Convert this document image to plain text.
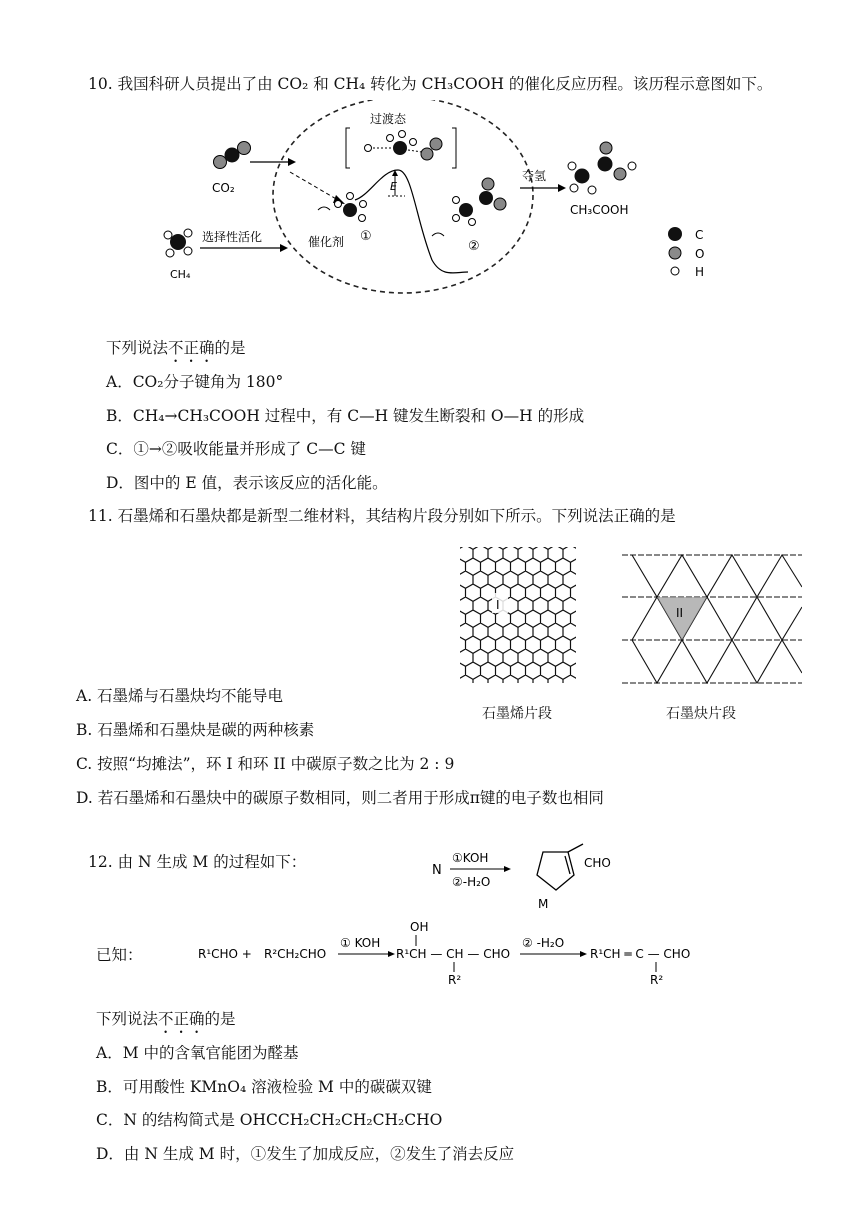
10. 我国科研人员提出了由 CO₂ 和 CH₄ 转化为 CH₃COOH 的催化反应历程。该历程示意图如下。
CO₂
CH₄
选择性活化	催化剂 ①
E
过渡态
②
夺氢
CH₃COOH
C
O
H
下列说法不正确的是
A．CO₂分子键角为 180°
B．CH₄→CH₃COOH 过程中，有 C—H 键发生断裂和 O—H 的形成
C．①→②吸收能量并形成了 C—C 键
D．图中的 E 值，表示该反应的活化能。
11. 石墨烯和石墨炔都是新型二维材料，其结构片段分别如下所示。下列说法正确的是
I
石墨烯片段
II
石墨炔片段
A. 石墨烯与石墨炔均不能导电
B. 石墨烯和石墨炔是碳的两种核素
C. 按照“均摊法”，环 I 和环 II 中碳原子数之比为 2 : 9
D. 若石墨烯和石墨炔中的碳原子数相同，则二者用于形成π键的电子数也相同
12. 由 N 生成 M 的过程如下：	N
①KOH
②-H₂O
CHO
M
已知：	R¹CHO + R²CH₂CHO
① KOH
OH
R¹CH — CH — CHO
R²
② -H₂O
R¹CH ═ C — CHO
R²
下列说法不正确的是
A．M 中的含氧官能团为醛基
B．可用酸性 KMnO₄ 溶液检验 M 中的碳碳双键
C．N 的结构简式是 OHCCH₂CH₂CH₂CH₂CHO
D．由 N 生成 M 时，①发生了加成反应，②发生了消去反应
